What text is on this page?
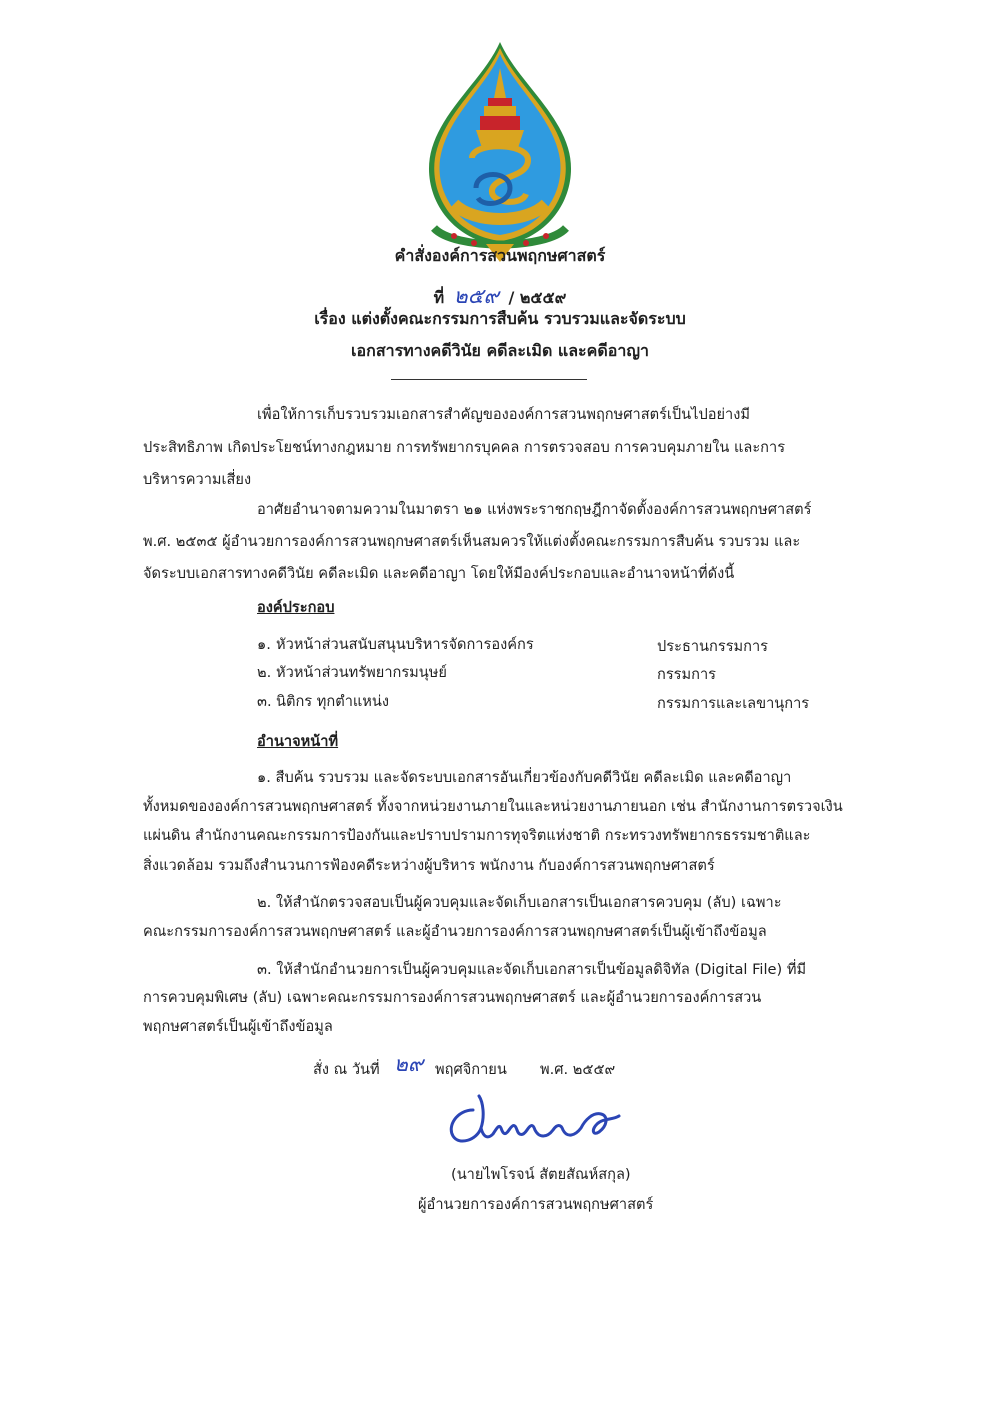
คำสั่งองค์การสวนพฤกษศาสตร์
ที่ ๒๕๙ / ๒๕๕๙
เรื่อง แต่งตั้งคณะกรรมการสืบค้น รวบรวมและจัดระบบ
เอกสารทางคดีวินัย คดีละเมิด และคดีอาญา
เพื่อให้การเก็บรวบรวมเอกสารสำคัญขององค์การสวนพฤกษศาสตร์เป็นไปอย่างมี
ประสิทธิภาพ เกิดประโยชน์ทางกฎหมาย การทรัพยากรบุคคล การตรวจสอบ การควบคุมภายใน และการ
บริหารความเสี่ยง
อาศัยอำนาจตามความในมาตรา ๒๑ แห่งพระราชกฤษฎีกาจัดตั้งองค์การสวนพฤกษศาสตร์
พ.ศ. ๒๕๓๕ ผู้อำนวยการองค์การสวนพฤกษศาสตร์เห็นสมควรให้แต่งตั้งคณะกรรมการสืบค้น รวบรวม และ
จัดระบบเอกสารทางคดีวินัย คดีละเมิด และคดีอาญา โดยให้มีองค์ประกอบและอำนาจหน้าที่ดังนี้
องค์ประกอบ
๑. หัวหน้าส่วนสนับสนุนบริหารจัดการองค์กร	ประธานกรรมการ
๒. หัวหน้าส่วนทรัพยากรมนุษย์	กรรมการ
๓. นิติกร ทุกตำแหน่ง	กรรมการและเลขานุการ
อำนาจหน้าที่
๑. สืบค้น รวบรวม และจัดระบบเอกสารอันเกี่ยวข้องกับคดีวินัย คดีละเมิด และคดีอาญา
ทั้งหมดขององค์การสวนพฤกษศาสตร์ ทั้งจากหน่วยงานภายในและหน่วยงานภายนอก เช่น สำนักงานการตรวจเงิน
แผ่นดิน สำนักงานคณะกรรมการป้องกันและปราบปรามการทุจริตแห่งชาติ กระทรวงทรัพยากรธรรมชาติและ
สิ่งแวดล้อม รวมถึงสำนวนการฟ้องคดีระหว่างผู้บริหาร พนักงาน กับองค์การสวนพฤกษศาสตร์
๒. ให้สำนักตรวจสอบเป็นผู้ควบคุมและจัดเก็บเอกสารเป็นเอกสารควบคุม (ลับ) เฉพาะ
คณะกรรมการองค์การสวนพฤกษศาสตร์ และผู้อำนวยการองค์การสวนพฤกษศาสตร์เป็นผู้เข้าถึงข้อมูล
๓. ให้สำนักอำนวยการเป็นผู้ควบคุมและจัดเก็บเอกสารเป็นข้อมูลดิจิทัล (Digital File) ที่มี
การควบคุมพิเศษ (ลับ) เฉพาะคณะกรรมการองค์การสวนพฤกษศาสตร์ และผู้อำนวยการองค์การสวน
พฤกษศาสตร์เป็นผู้เข้าถึงข้อมูล
สั่ง ณ วันที่ ๒๙ พฤศจิกายน พ.ศ. ๒๕๕๙
(นายไพโรจน์ สัตยสัณห์สกุล)
ผู้อำนวยการองค์การสวนพฤกษศาสตร์
